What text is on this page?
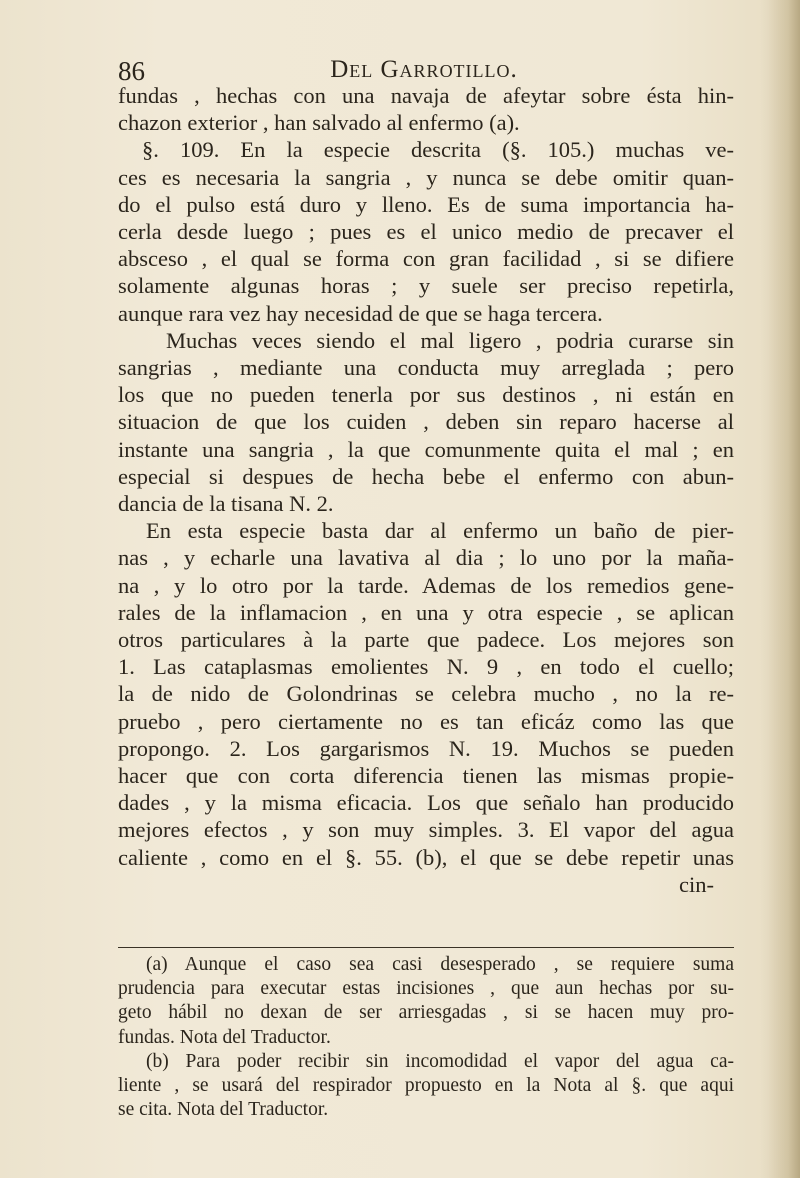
86	Del Garrotillo.
fundas , hechas con una navaja de afeytar sobre ésta hin-
chazon exterior , han salvado al enfermo (a).
§. 109. En la especie descrita (§. 105.) muchas ve-
ces es necesaria la sangria , y nunca se debe omitir quan-
do el pulso está duro y lleno. Es de suma importancia ha-
cerla desde luego ; pues es el unico medio de precaver el
absceso , el qual se forma con gran facilidad , si se difiere
solamente algunas horas ; y suele ser preciso repetirla,
aunque rara vez hay necesidad de que se haga tercera.
Muchas veces siendo el mal ligero , podria curarse sin
sangrias , mediante una conducta muy arreglada ; pero
los que no pueden tenerla por sus destinos , ni están en
situacion de que los cuiden , deben sin reparo hacerse al
instante una sangria , la que comunmente quita el mal ; en
especial si despues de hecha bebe el enfermo con abun-
dancia de la tisana N. 2.
En esta especie basta dar al enfermo un baño de pier-
nas , y echarle una lavativa al dia ; lo uno por la maña-
na , y lo otro por la tarde. Ademas de los remedios gene-
rales de la inflamacion , en una y otra especie , se aplican
otros particulares à la parte que padece. Los mejores son
1. Las cataplasmas emolientes N. 9 , en todo el cuello;
la de nido de Golondrinas se celebra mucho , no la re-
pruebo , pero ciertamente no es tan eficáz como las que
propongo. 2. Los gargarismos N. 19. Muchos se pueden
hacer que con corta diferencia tienen las mismas propie-
dades , y la misma eficacia. Los que señalo han producido
mejores efectos , y son muy simples. 3. El vapor del agua
caliente , como en el §. 55. (b), el que se debe repetir unas
cin-
(a) Aunque el caso sea casi desesperado , se requiere suma
prudencia para executar estas incisiones , que aun hechas por su-
geto hábil no dexan de ser arriesgadas , si se hacen muy pro-
fundas. Nota del Traductor.
(b) Para poder recibir sin incomodidad el vapor del agua ca-
liente , se usará del respirador propuesto en la Nota al §. que aqui
se cita. Nota del Traductor.
